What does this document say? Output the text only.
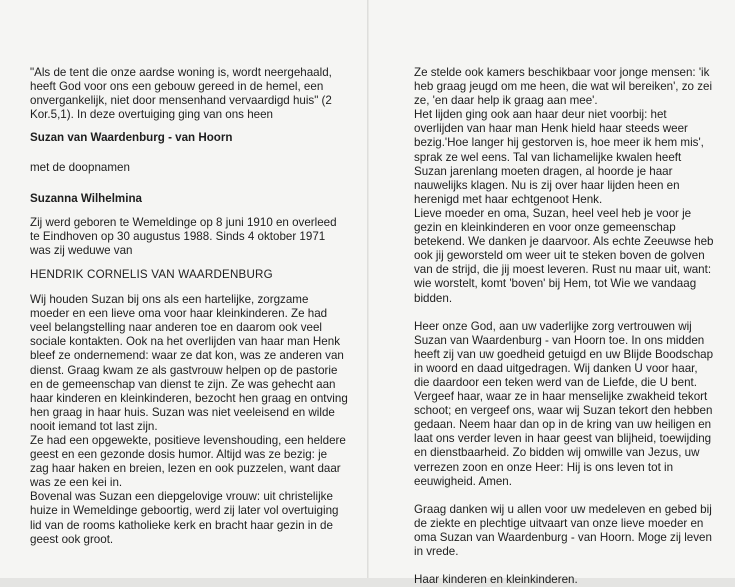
"Als de tent die onze aardse woning is, wordt neergehaald, heeft God voor ons een gebouw gereed in de hemel, een onvergankelijk, niet door mensenhand vervaardigd huis" (2 Kor.5,1). In deze overtuiging ging van ons heen

Suzan van Waardenburg - van Hoorn

met de doopnamen

Suzanna Wilhelmina

Zij werd geboren te Wemeldinge op 8 juni 1910 en overleed te Eindhoven op 30 augustus 1988. Sinds 4 oktober 1971 was zij weduwe van

HENDRIK CORNELIS VAN WAARDENBURG

Wij houden Suzan bij ons als een hartelijke, zorgzame moeder en een lieve oma voor haar kleinkinderen. Ze had veel belangstelling naar anderen toe en daarom ook veel sociale kontakten. Ook na het overlijden van haar man Henk bleef ze ondernemend: waar ze dat kon, was ze anderen van dienst. Graag kwam ze als gastvrouw helpen op de pastorie en de gemeenschap van dienst te zijn. Ze was gehecht aan haar kinderen en kleinkinderen, bezocht hen graag en ontving hen graag in haar huis. Suzan was niet veeleisend en wilde nooit iemand tot last zijn.
Ze had een opgewekte, positieve levenshouding, een heldere geest en een gezonde dosis humor. Altijd was ze bezig: je zag haar haken en breien, lezen en ook puzzelen, want daar was ze een kei in.
Bovenal was Suzan een diepgelovige vrouw: uit christelijke huize in Wemeldinge geboortig, werd zij later vol overtuiging lid van de rooms katholieke kerk en bracht haar gezin in de geest ook groot.

Ze stelde ook kamers beschikbaar voor jonge mensen: 'ik heb graag jeugd om me heen, die wat wil bereiken', zo zei ze, 'en daar help ik graag aan mee'.
Het lijden ging ook aan haar deur niet voorbij: het overlijden van haar man Henk hield haar steeds weer bezig.'Hoe langer hij gestorven is, hoe meer ik hem mis', sprak ze wel eens. Tal van lichamelijke kwalen heeft Suzan jarenlang moeten dragen, al hoorde je haar nauwelijks klagen. Nu is zij over haar lijden heen en herenigd met haar echtgenoot Henk.
Lieve moeder en oma, Suzan, heel veel heb je voor je gezin en kleinkinderen en voor onze gemeenschap betekend. We danken je daarvoor. Als echte Zeeuwse heb ook jij geworsteld om weer uit te steken boven de golven van de strijd, die jij moest leveren. Rust nu maar uit, want: wie worstelt, komt 'boven' bij Hem, tot Wie we vandaag bidden.

Heer onze God, aan uw vaderlijke zorg vertrouwen wij Suzan van Waardenburg - van Hoorn toe. In ons midden heeft zij van uw goedheid getuigd en uw Blijde Boodschap in woord en daad uitgedragen. Wij danken U voor haar, die daardoor een teken werd van de Liefde, die U bent. Vergeef haar, waar ze in haar menselijke zwakheid tekort schoot; en vergeef ons, waar wij Suzan tekort den hebben gedaan. Neem haar dan op in de kring van uw heiligen en laat ons verder leven in haar geest van blijheid, toewijding en dienstbaarheid. Zo bidden wij omwille van Jezus, uw verrezen zoon en onze Heer: Hij is ons leven tot in eeuwigheid. Amen.

Graag danken wij u allen voor uw medeleven en gebed bij de ziekte en plechtige uitvaart van onze lieve moeder en oma Suzan van Waardenburg - van Hoorn. Moge zij leven in vrede.

Haar kinderen en kleinkinderen.
